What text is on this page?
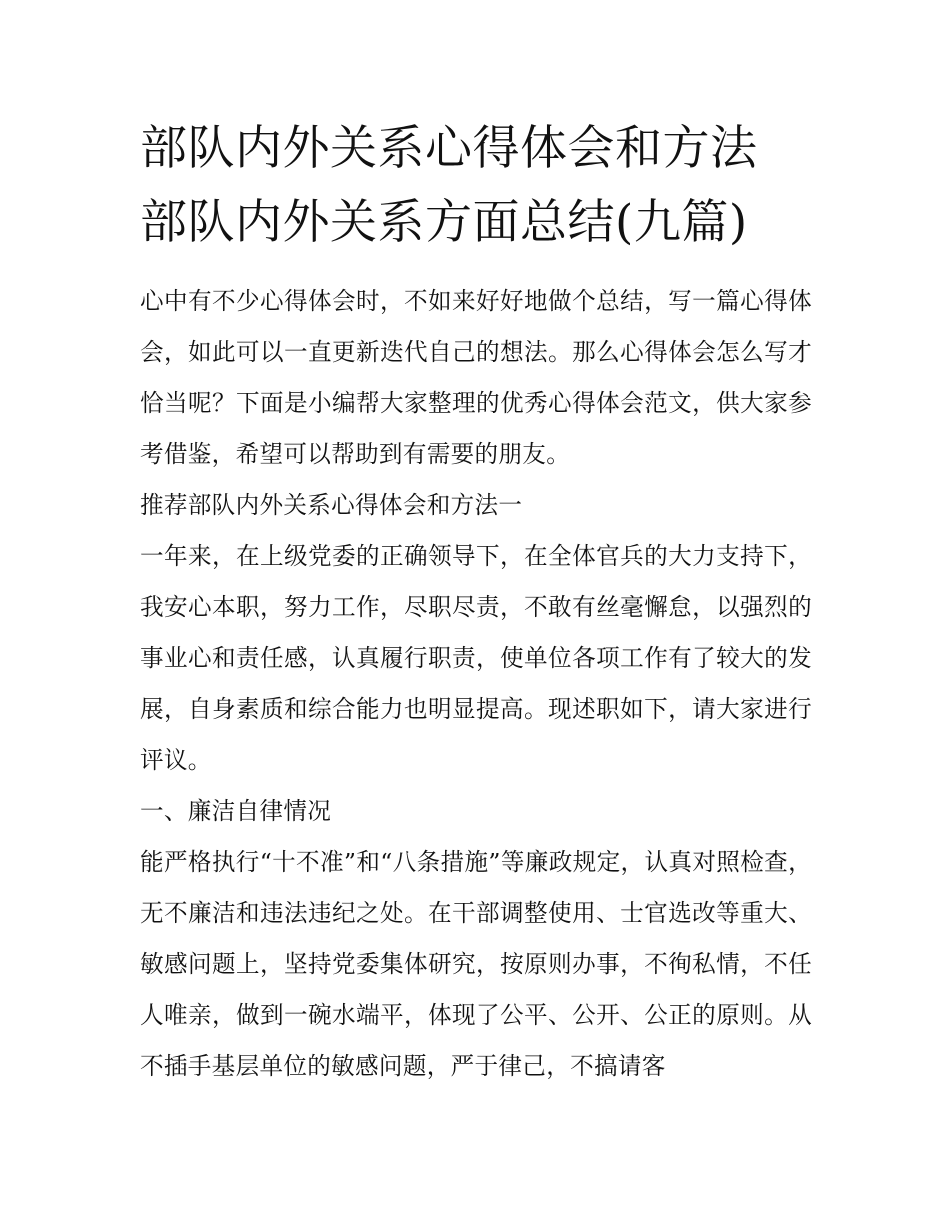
部队内外关系心得体会和方法
部队内外关系方面总结(九篇)

心中有不少心得体会时，不如来好好地做个总结，写一篇心得体会，如此可以一直更新迭代自己的想法。那么心得体会怎么写才恰当呢？下面是小编帮大家整理的优秀心得体会范文，供大家参考借鉴，希望可以帮助到有需要的朋友。

推荐部队内外关系心得体会和方法一

一年来，在上级党委的正确领导下，在全体官兵的大力支持下，我安心本职，努力工作，尽职尽责，不敢有丝毫懈怠，以强烈的事业心和责任感，认真履行职责，使单位各项工作有了较大的发展，自身素质和综合能力也明显提高。现述职如下，请大家进行评议。

一、廉洁自律情况

能严格执行“十不准”和“八条措施”等廉政规定，认真对照检查，无不廉洁和违法违纪之处。在干部调整使用、士官选改等重大、敏感问题上，坚持党委集体研究，按原则办事，不徇私情，不任人唯亲，做到一碗水端平，体现了公平、公开、公正的原则。从不插手基层单位的敏感问题，严于律己，不搞请客
